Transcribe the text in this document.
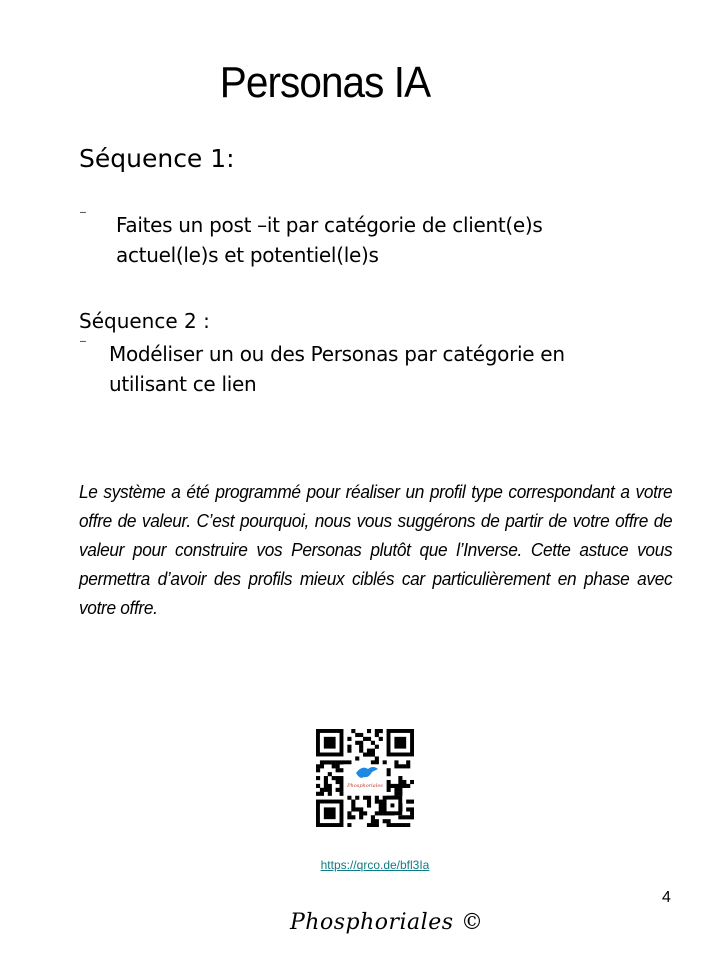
Personas IA
Séquence 1:
⁻ Faites un post –it par catégorie de client(e)s
actuel(le)s et potentiel(le)s
Séquence 2 :
⁻ Modéliser un ou des Personas par catégorie en
utilisant ce lien
Le système a été programmé pour réaliser un profil type correspondant a votre offre de valeur. C’est pourquoi, nous vous suggérons de partir de votre offre de valeur pour construire vos Personas plutôt que l’Inverse. Cette astuce vous permettra d’avoir des profils mieux ciblés car particulièrement en phase avec votre offre.
Phosphoriales
https://qrco.de/bfl3Ia
4
Phosphoriales ©
